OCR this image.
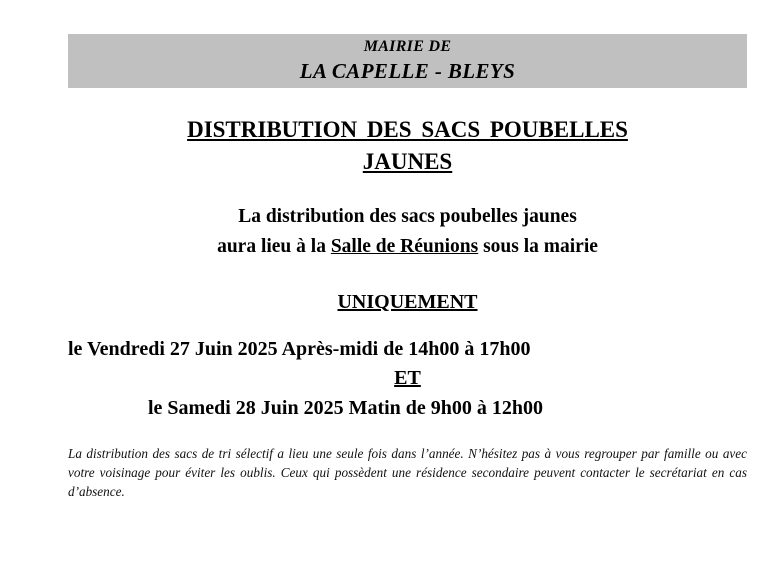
MAIRIE DE
LA CAPELLE - BLEYS
DISTRIBUTION DES SACS POUBELLES
JAUNES
La distribution des sacs poubelles jaunes
aura lieu à la Salle de Réunions sous la mairie
UNIQUEMENT
le Vendredi 27 Juin 2025 Après-midi de 14h00 à 17h00
ET
le Samedi 28 Juin 2025 Matin de 9h00 à 12h00
La distribution des sacs de tri sélectif a lieu une seule fois dans l’année. N’hésitez pas à vous regrouper par famille ou avec votre voisinage pour éviter les oublis. Ceux qui possèdent une résidence secondaire peuvent contacter le secrétariat en cas d’absence.
